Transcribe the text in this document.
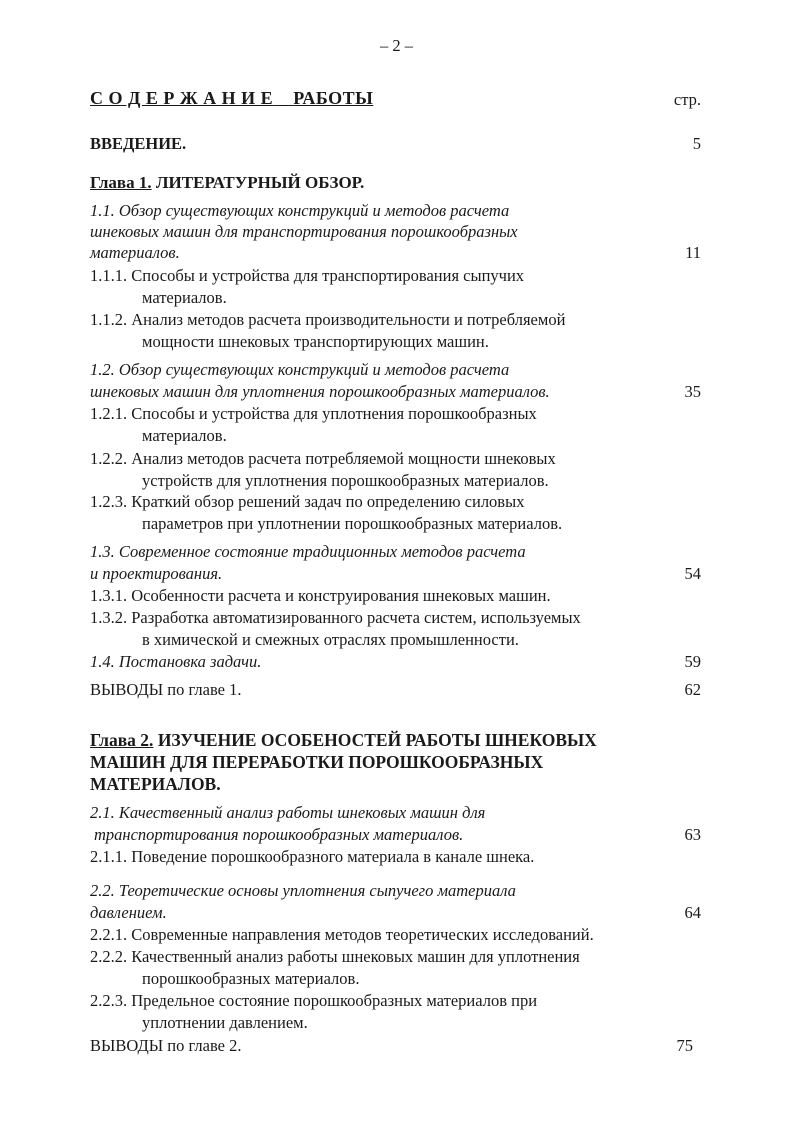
– 2 –
С О Д Е Р Ж А Н И Е РАБОТЫ	стр.
ВВЕДЕНИЕ.	5
Глава 1. ЛИТЕРАТУРНЫЙ ОБЗОР.
1.1. Обзор существующих конструкций и методов расчета
шнековых машин для транспортирования порошкообразных
материалов.	11
1.1.1. Способы и устройства для транспортирования сыпучих
материалов.
1.1.2. Анализ методов расчета производительности и потребляемой
мощности шнековых транспортирующих машин.
1.2. Обзор существующих конструкций и методов расчета
шнековых машин для уплотнения порошкообразных материалов.	35
1.2.1. Способы и устройства для уплотнения порошкообразных
материалов.
1.2.2. Анализ методов расчета потребляемой мощности шнековых
устройств для уплотнения порошкообразных материалов.
1.2.3. Краткий обзор решений задач по определению силовых
параметров при уплотнении порошкообразных материалов.
1.3. Современное состояние традиционных методов расчета
и проектирования.	54
1.3.1. Особенности расчета и конструирования шнековых машин.
1.3.2. Разработка автоматизированного расчета систем, используемых
в химической и смежных отраслях промышленности.
1.4. Постановка задачи.	59
ВЫВОДЫ по главе 1.	62
Глава 2. ИЗУЧЕНИЕ ОСОБЕНОСТЕЙ РАБОТЫ ШНЕКОВЫХ
МАШИН ДЛЯ ПЕРЕРАБОТКИ ПОРОШКООБРАЗНЫХ
МАТЕРИАЛОВ.
2.1. Качественный анализ работы шнековых машин для
транспортирования порошкообразных материалов.	63
2.1.1. Поведение порошкообразного материала в канале шнека.
2.2. Теоретические основы уплотнения сыпучего материала
давлением.	64
2.2.1. Современные направления методов теоретических исследований.
2.2.2. Качественный анализ работы шнековых машин для уплотнения
порошкообразных материалов.
2.2.3. Предельное состояние порошкообразных материалов при
уплотнении давлением.
ВЫВОДЫ по главе 2.	75
